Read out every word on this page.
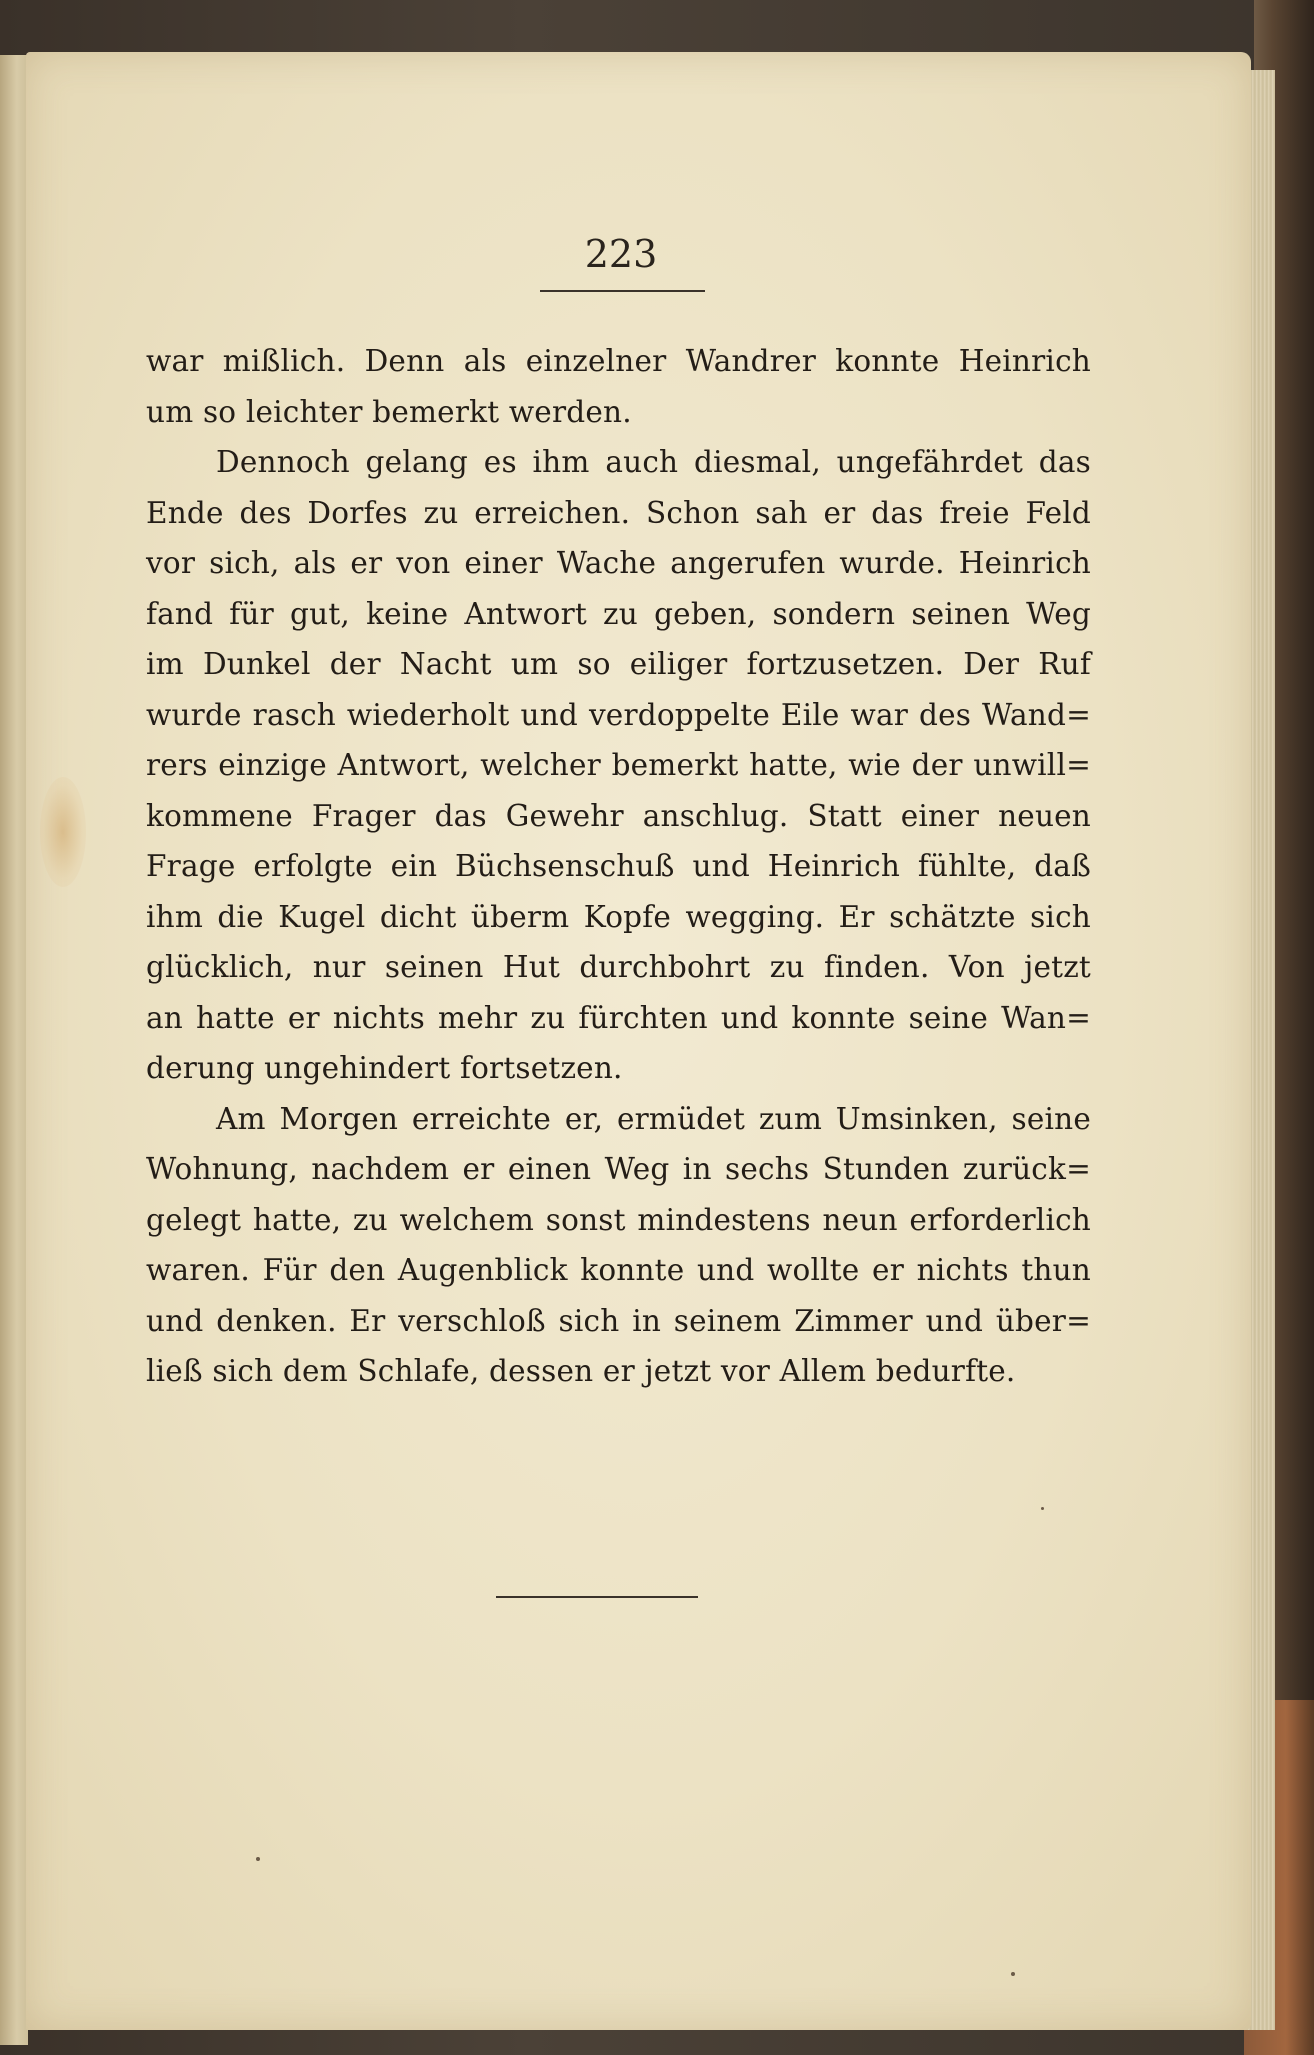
223

war mißlich. Denn als einzelner Wandrer konnte Heinrich
um so leichter bemerkt werden.

Dennoch gelang es ihm auch diesmal, ungefährdet das
Ende des Dorfes zu erreichen. Schon sah er das freie Feld
vor sich, als er von einer Wache angerufen wurde. Heinrich
fand für gut, keine Antwort zu geben, sondern seinen Weg
im Dunkel der Nacht um so eiliger fortzusetzen. Der Ruf
wurde rasch wiederholt und verdoppelte Eile war des Wand=
rers einzige Antwort, welcher bemerkt hatte, wie der unwill=
kommene Frager das Gewehr anschlug. Statt einer neuen
Frage erfolgte ein Büchsenschuß und Heinrich fühlte, daß
ihm die Kugel dicht überm Kopfe wegging. Er schätzte sich
glücklich, nur seinen Hut durchbohrt zu finden. Von jetzt
an hatte er nichts mehr zu fürchten und konnte seine Wan=
derung ungehindert fortsetzen.

Am Morgen erreichte er, ermüdet zum Umsinken, seine
Wohnung, nachdem er einen Weg in sechs Stunden zurück=
gelegt hatte, zu welchem sonst mindestens neun erforderlich
waren. Für den Augenblick konnte und wollte er nichts thun
und denken. Er verschloß sich in seinem Zimmer und über=
ließ sich dem Schlafe, dessen er jetzt vor Allem bedurfte.
